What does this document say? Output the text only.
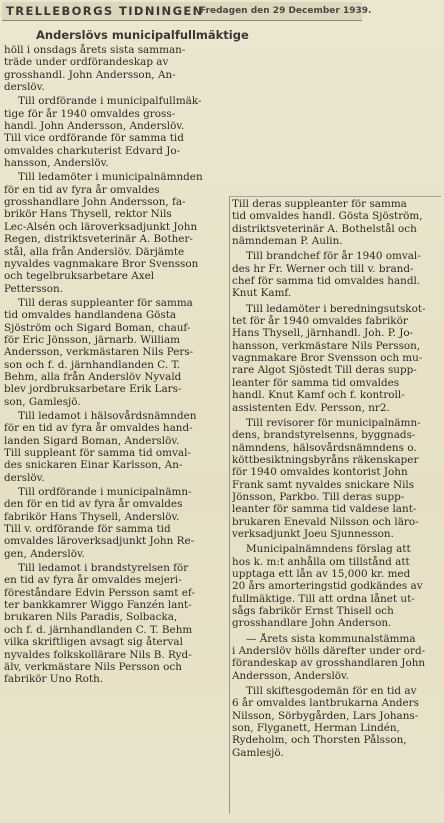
TRELLEBORGS TIDNINGEN
Fredagen den 29 December 1939.
Anderslövs municipalfullmäktige

höll i onsdags årets sista samman-
träde under ordförandeskap av
grosshandl. John Andersson, An-
derslöv.

Till ordförande i municipalfullmäk-
tige för år 1940 omvaldes gross-
handl. John Andersson, Anderslöv.
Till vice ordförande för samma tid
omvaldes charkuterist Edvard Jo-
hansson, Anderslöv.

Till ledamöter i municipalnämnden
för en tid av fyra år omvaldes
grosshandlare John Andersson, fa-
brikör Hans Thysell, rektor Nils
Lec-Alsén och läroverksadjunkt John
Regen, distriktsveterinär A. Bother-
stål, alla från Anderslöv. Därjämte
nyvaldes vagnmakare Bror Svensson
och tegelbruksarbetare Axel
Pettersson.

Till deras suppleanter för samma
tid omvaldes handlandena Gösta
Sjöström och Sigard Boman, chauf-
för Eric Jönsson, järnarb. William
Andersson, verkmästaren Nils Pers-
son och f. d. järnhandlanden C. T.
Behm, alla från Anderslöv Nyvald
blev jordbruksarbetare Erik Lars-
son, Gamlesjö.

Till ledamot i hälsovårdsnämnden
för en tid av fyra år omvaldes hand-
landen Sigard Boman, Anderslöv.
Till suppleant för samma tid omval-
des snickaren Einar Karlsson, An-
derslöv.

Till ordförande i municipalnämn-
den för en tid av fyra år omvaldes
fabrikör Hans Thysell, Anderslöv.
Till v. ordförande för samma tid
omvaldes läroverksadjunkt John Re-
gen, Anderslöv.

Till ledamot i brandstyrelsen för
en tid av fyra år omvaldes mejeri-
föreståndare Edvin Persson samt ef-
ter bankkamrer Wiggo Fanzén lant-
brukaren Nils Paradis, Solbacka,
och f. d. järnhandlanden C. T. Behm
vilka skriftligen avsagt sig återval
nyvaldes folkskollärare Nils B. Ryd-
älv, verkmästare Nils Persson och
fabrikör Uno Roth.

Till deras suppleanter för samma
tid omvaldes handl. Gösta Sjöström,
distriktsveterinär A. Bothelstål och
nämndeman P. Aulin.

Till brandchef för år 1940 omval-
des hr Fr. Werner och till v. brand-
chef för samma tid omvaldes handl.
Knut Kamf.

Till ledamöter i beredningsutskot-
tet för år 1940 omvaldes fabrikör
Hans Thysell, järnhandl. Joh. P. Jo-
hansson, verkmästare Nils Persson,
vagnmakare Bror Svensson och mu-
rare Algot Sjöstedt Till deras supp-
leanter för samma tid omvaldes
handl. Knut Kamf och f. kontroll-
assistenten Edv. Persson, nr2.

Till revisorer för municipalnämn-
dens, brandstyrelsenns, byggnads-
nämndens, hälsovårdsnämndens o.
köttbesiktningsbyråns räkenskaper
för 1940 omvaldes kontorist John
Frank samt nyvaldes snickare Nils
Jönsson, Parkbo. Till deras supp-
leanter för samma tid valdese lant-
brukaren Enevald Nilsson och läro-
verksadjunkt Joeu Sjunnesson.

Municipalnämndens förslag att
hos k. m:t anhålla om tillstånd att
upptaga ett lån av 15,000 kr. med
20 års amorteringstid godkändes av
fullmäktige. Till att ordna lånet ut-
sågs fabrikör Ernst Thisell och
grosshandlare John Anderson.

— Årets sista kommunalstämma
i Anderslöv hölls därefter under ord-
förandeskap av grosshandlaren John
Andersson, Anderslöv.

Till skiftesgodemän för en tid av
6 år omvaldes lantbrukarna Anders
Nilsson, Sörbygården, Lars Johans-
son, Flyganett, Herman Lindén,
Rydeholm, och Thorsten Pålsson,
Gamlesjö.
